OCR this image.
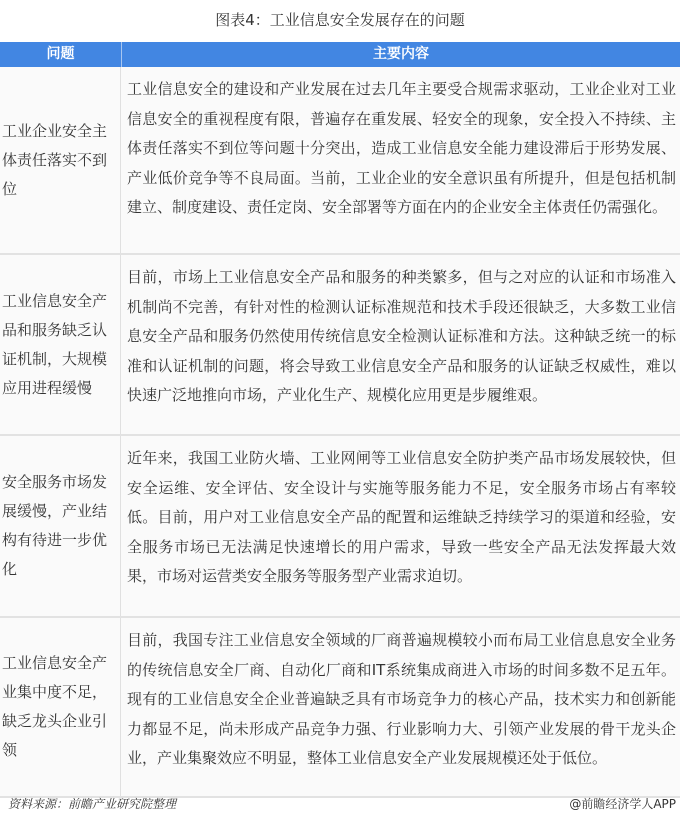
图表4：工业信息安全发展存在的问题
问题	主要内容
工业企业安全主体责任落实不到位
工业信息安全的建设和产业发展在过去几年主要受合规需求驱动，工业企业对工业信息安全的重视程度有限，普遍存在重发展、轻安全的现象，安全投入不持续、主体责任落实不到位等问题十分突出，造成工业信息安全能力建设滞后于形势发展、产业低价竞争等不良局面。当前，工业企业的安全意识虽有所提升，但是包括机制建立、制度建设、责任定岗、安全部署等方面在内的企业安全主体责任仍需强化。
工业信息安全产品和服务缺乏认证机制，大规模应用进程缓慢
目前，市场上工业信息安全产品和服务的种类繁多，但与之对应的认证和市场准入机制尚不完善，有针对性的检测认证标准规范和技术手段还很缺乏，大多数工业信息安全产品和服务仍然使用传统信息安全检测认证标准和方法。这种缺乏统一的标准和认证机制的问题，将会导致工业信息安全产品和服务的认证缺乏权威性，难以快速广泛地推向市场，产业化生产、规模化应用更是步履维艰。
安全服务市场发展缓慢，产业结构有待进一步优化
近年来，我国工业防火墙、工业网闸等工业信息安全防护类产品市场发展较快，但安全运维、安全评估、安全设计与实施等服务能力不足，安全服务市场占有率较低。目前，用户对工业信息安全产品的配置和运维缺乏持续学习的渠道和经验，安全服务市场已无法满足快速增长的用户需求，导致一些安全产品无法发挥最大效果，市场对运营类安全服务等服务型产业需求迫切。
工业信息安全产业集中度不足，缺乏龙头企业引领
目前，我国专注工业信息安全领域的厂商普遍规模较小而布局工业信息息安全业务的传统信息安全厂商、自动化厂商和IT系统集成商进入市场的时间多数不足五年。现有的工业信息安全企业普遍缺乏具有市场竞争力的核心产品，技术实力和创新能力都显不足，尚未形成产品竞争力强、行业影响力大、引领产业发展的骨干龙头企业，产业集聚效应不明显，整体工业信息安全产业发展规模还处于低位。
资料来源：前瞻产业研究院整理	@前瞻经济学人APP
